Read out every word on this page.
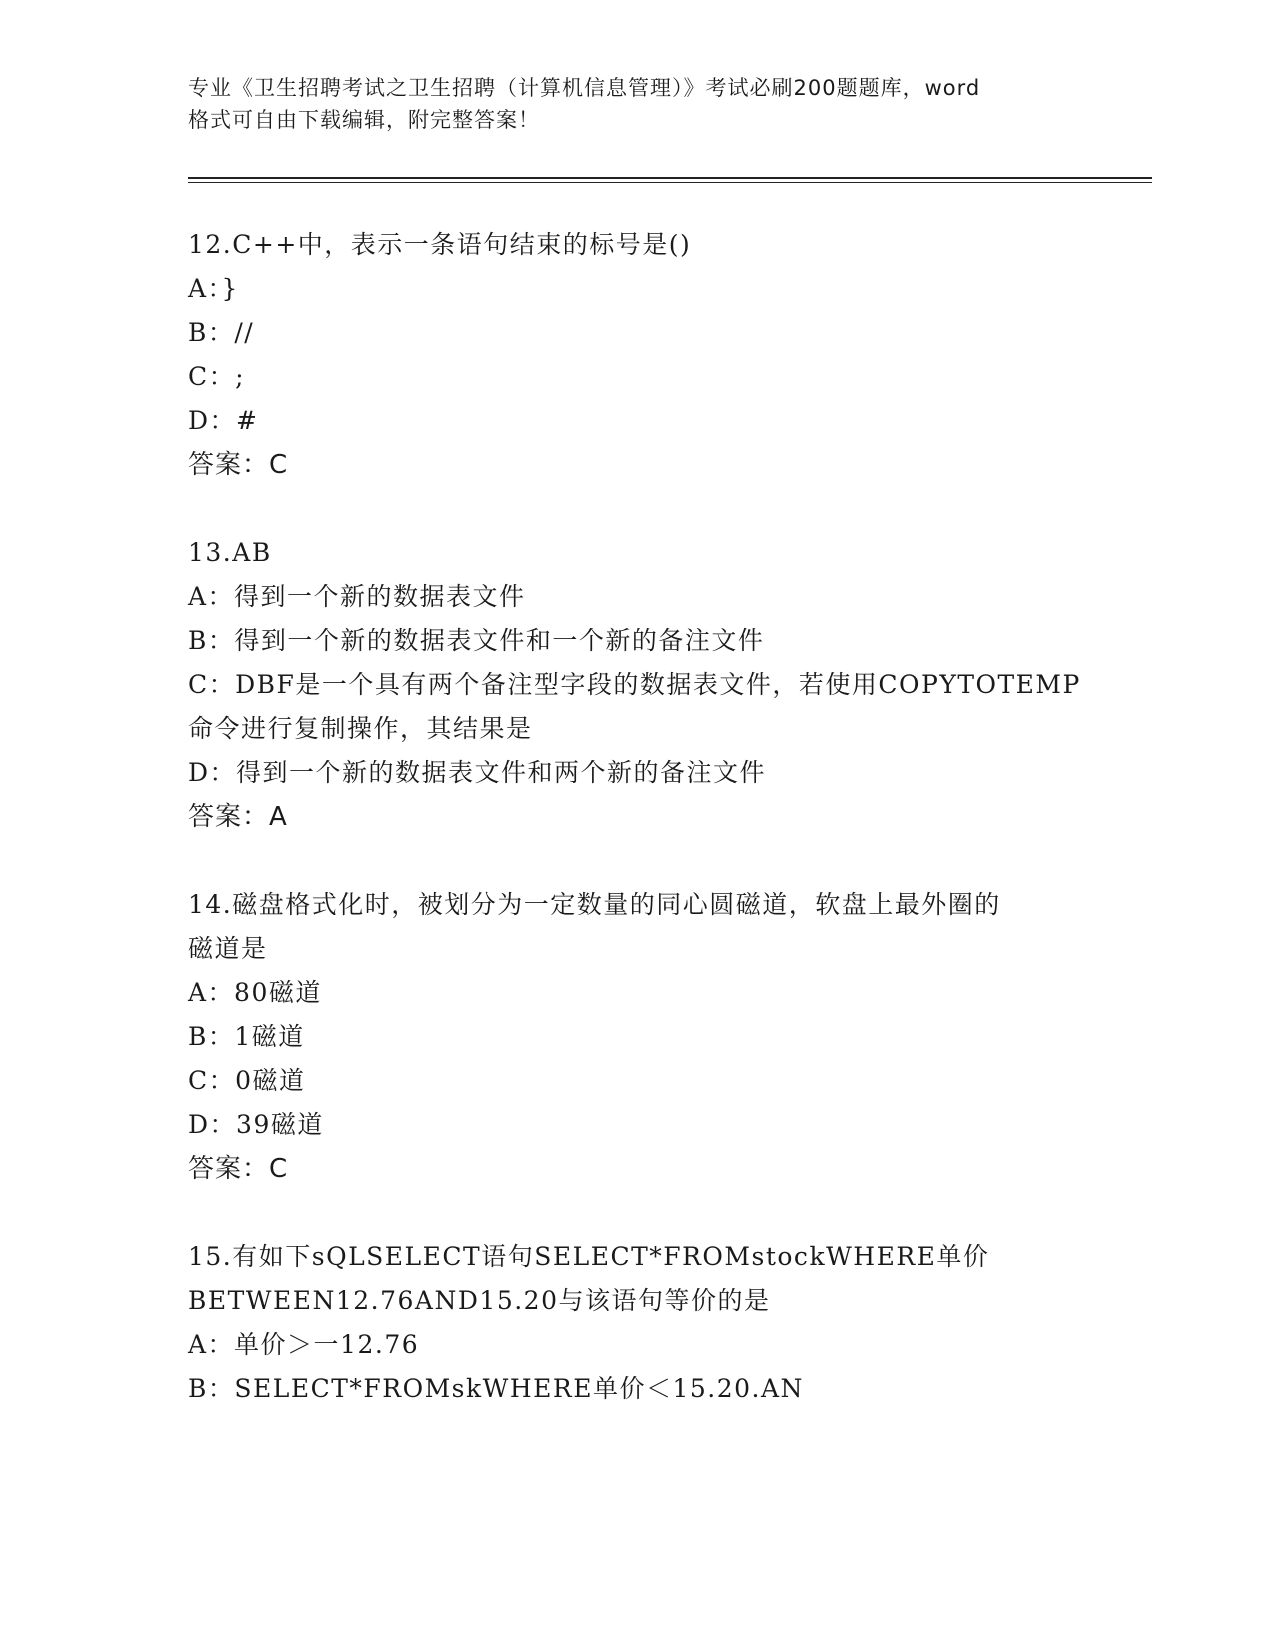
专业《卫生招聘考试之卫生招聘（计算机信息管理）》考试必刷200题题库，word
格式可自由下载编辑，附完整答案！
12.C++中，表示一条语句结束的标号是()
A：}
B：//
C：;
D：#
答案：C
13.AB
A：得到一个新的数据表文件
B：得到一个新的数据表文件和一个新的备注文件
C：DBF是一个具有两个备注型字段的数据表文件，若使用COPYTOTEMP
命令进行复制操作，其结果是
D：得到一个新的数据表文件和两个新的备注文件
答案：A
14.磁盘格式化时，被划分为一定数量的同心圆磁道，软盘上最外圈的
磁道是
A：80磁道
B：1磁道
C：0磁道
D：39磁道
答案：C
15.有如下sQLSELECT语句SELECT*FROMstockWHERE单价
BETWEEN12.76AND15.20与该语句等价的是
A：单价＞一12.76
B：SELECT*FROMskWHERE单价＜15.20.AN
